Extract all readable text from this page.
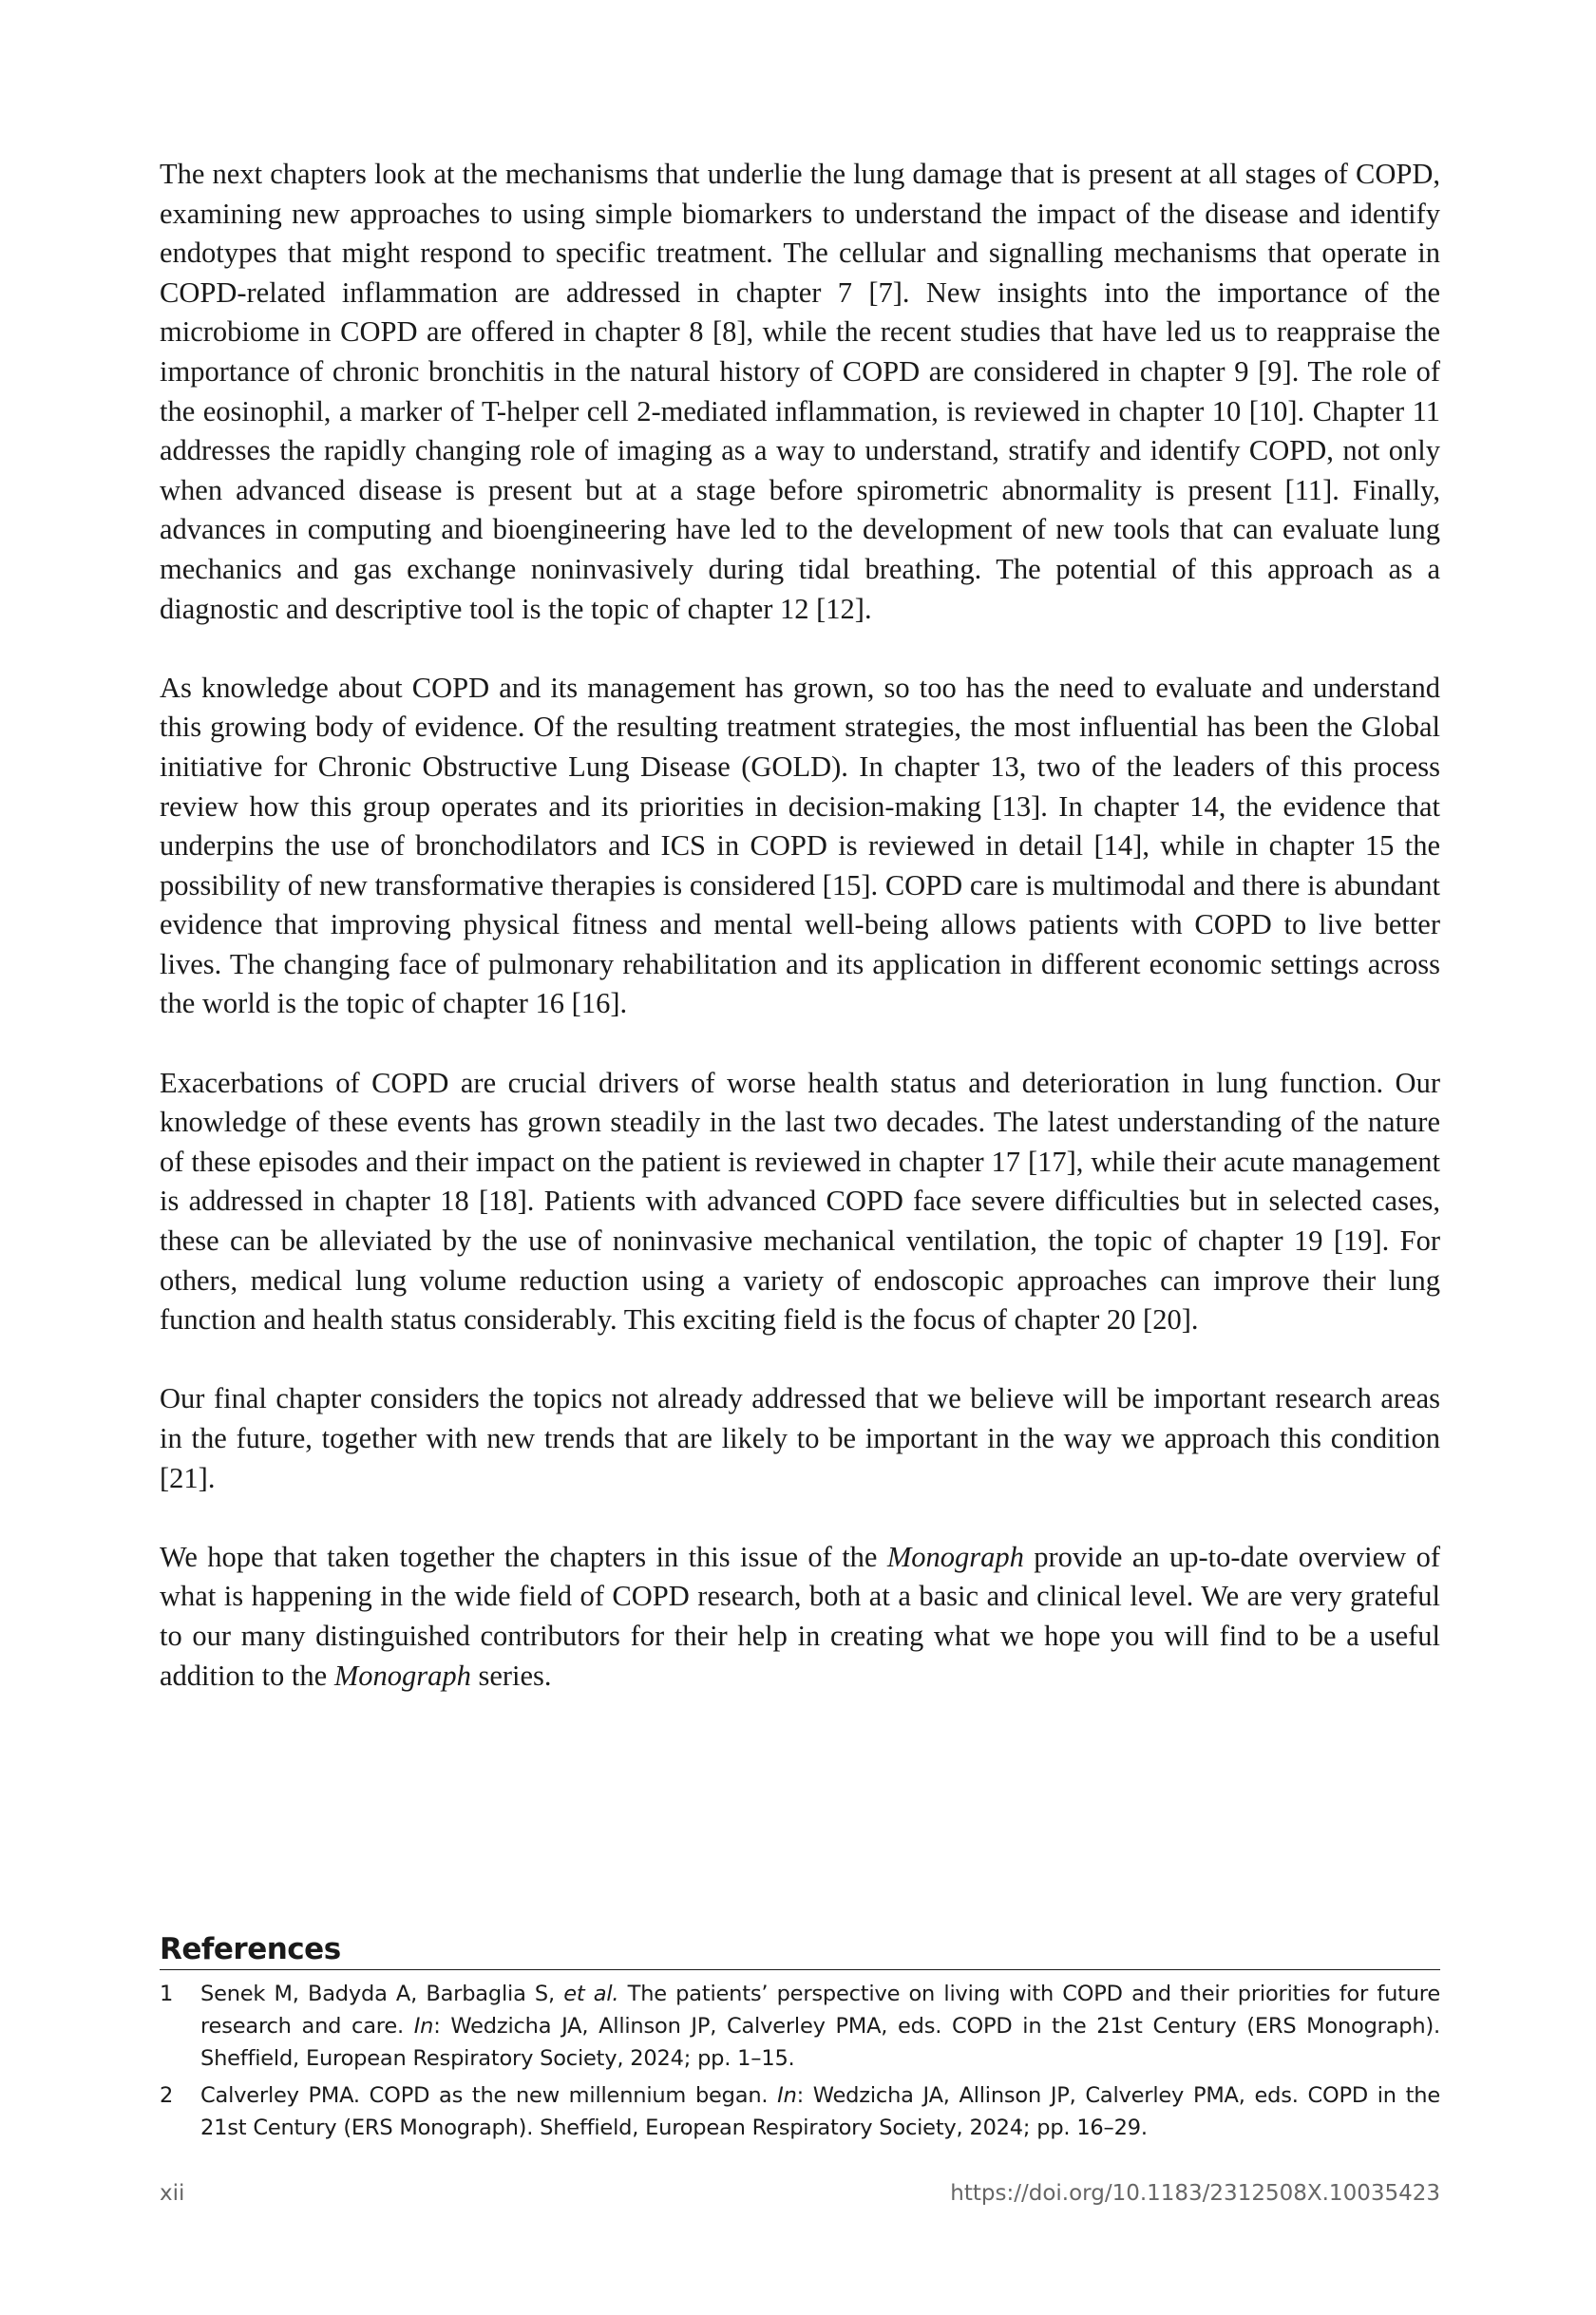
The next chapters look at the mechanisms that underlie the lung damage that is present at all stages of COPD, examining new approaches to using simple biomarkers to understand the impact of the disease and identify endotypes that might respond to specific treatment. The cellular and signalling mechanisms that operate in COPD-related inflammation are addressed in chapter 7 [7]. New insights into the importance of the microbiome in COPD are offered in chapter 8 [8], while the recent studies that have led us to reappraise the importance of chronic bronchitis in the natural history of COPD are considered in chapter 9 [9]. The role of the eosinophil, a marker of T-helper cell 2-mediated inflammation, is reviewed in chapter 10 [10]. Chapter 11 addresses the rapidly changing role of imaging as a way to understand, stratify and identify COPD, not only when advanced disease is present but at a stage before spirometric abnormality is present [11]. Finally, advances in computing and bioengineering have led to the development of new tools that can evaluate lung mechanics and gas exchange noninvasively during tidal breathing. The potential of this approach as a diagnostic and descriptive tool is the topic of chapter 12 [12].

As knowledge about COPD and its management has grown, so too has the need to evaluate and understand this growing body of evidence. Of the resulting treatment strategies, the most influential has been the Global initiative for Chronic Obstructive Lung Disease (GOLD). In chapter 13, two of the leaders of this process review how this group operates and its priorities in decision-making [13]. In chapter 14, the evidence that underpins the use of bronchodilators and ICS in COPD is reviewed in detail [14], while in chapter 15 the possibility of new transformative therapies is considered [15]. COPD care is multimodal and there is abundant evidence that improving physical fitness and mental well-being allows patients with COPD to live better lives. The changing face of pulmonary rehabilitation and its application in different economic settings across the world is the topic of chapter 16 [16].

Exacerbations of COPD are crucial drivers of worse health status and deterioration in lung function. Our knowledge of these events has grown steadily in the last two decades. The latest understanding of the nature of these episodes and their impact on the patient is reviewed in chapter 17 [17], while their acute management is addressed in chapter 18 [18]. Patients with advanced COPD face severe difficulties but in selected cases, these can be alleviated by the use of noninvasive mechanical ventilation, the topic of chapter 19 [19]. For others, medical lung volume reduction using a variety of endoscopic approaches can improve their lung function and health status considerably. This exciting field is the focus of chapter 20 [20].

Our final chapter considers the topics not already addressed that we believe will be important research areas in the future, together with new trends that are likely to be important in the way we approach this condition [21].

We hope that taken together the chapters in this issue of the Monograph provide an up-to-date overview of what is happening in the wide field of COPD research, both at a basic and clinical level. We are very grateful to our many distinguished contributors for their help in creating what we hope you will find to be a useful addition to the Monograph series.

References
1	Senek M, Badyda A, Barbaglia S, et al. The patients’ perspective on living with COPD and their priorities for future research and care. In: Wedzicha JA, Allinson JP, Calverley PMA, eds. COPD in the 21st Century (ERS Monograph). Sheffield, European Respiratory Society, 2024; pp. 1–15.
2	Calverley PMA. COPD as the new millennium began. In: Wedzicha JA, Allinson JP, Calverley PMA, eds. COPD in the 21st Century (ERS Monograph). Sheffield, European Respiratory Society, 2024; pp. 16–29.
xii	https://doi.org/10.1183/2312508X.10035423
